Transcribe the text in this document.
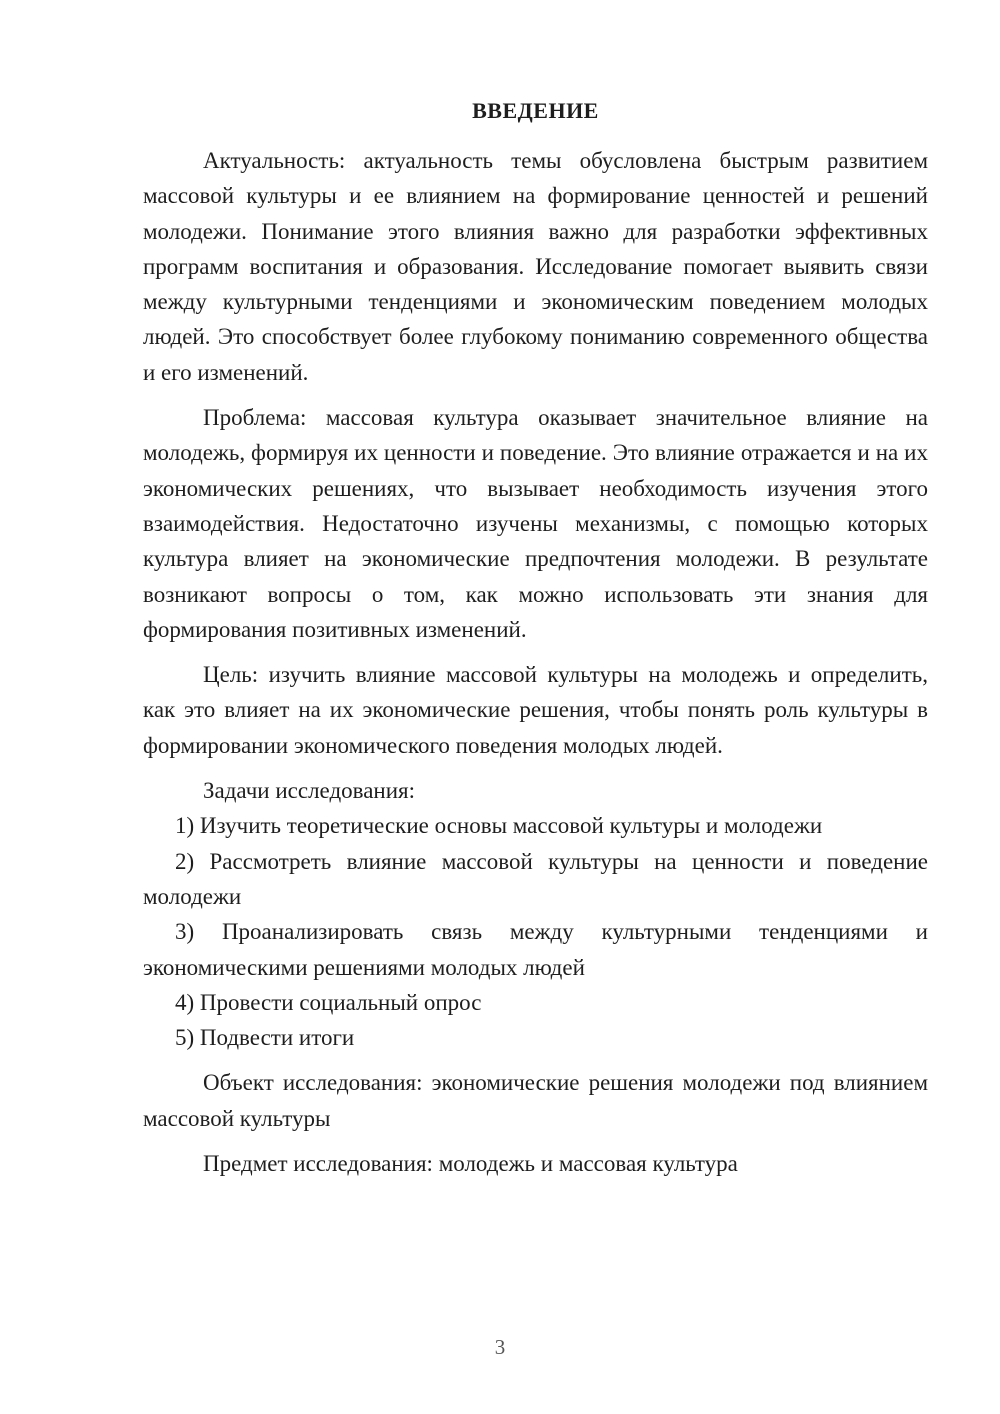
ВВЕДЕНИЕ

Актуальность: актуальность темы обусловлена быстрым развитием массовой культуры и ее влиянием на формирование ценностей и решений молодежи. Понимание этого влияния важно для разработки эффективных программ воспитания и образования. Исследование помогает выявить связи между культурными тенденциями и экономическим поведением молодых людей. Это способствует более глубокому пониманию современного общества и его изменений.

Проблема: массовая культура оказывает значительное влияние на молодежь, формируя их ценности и поведение. Это влияние отражается и на их экономических решениях, что вызывает необходимость изучения этого взаимодействия. Недостаточно изучены механизмы, с помощью которых культура влияет на экономические предпочтения молодежи. В результате возникают вопросы о том, как можно использовать эти знания для формирования позитивных изменений.

Цель: изучить влияние массовой культуры на молодежь и определить, как это влияет на их экономические решения, чтобы понять роль культуры в формировании экономического поведения молодых людей.

Задачи исследования:

1) Изучить теоретические основы массовой культуры и молодежи

2) Рассмотреть влияние массовой культуры на ценности и поведение молодежи

3) Проанализировать связь между культурными тенденциями и экономическими решениями молодых людей

4) Провести социальный опрос

5) Подвести итоги

Объект исследования: экономические решения молодежи под влиянием массовой культуры

Предмет исследования: молодежь и массовая культура

3
